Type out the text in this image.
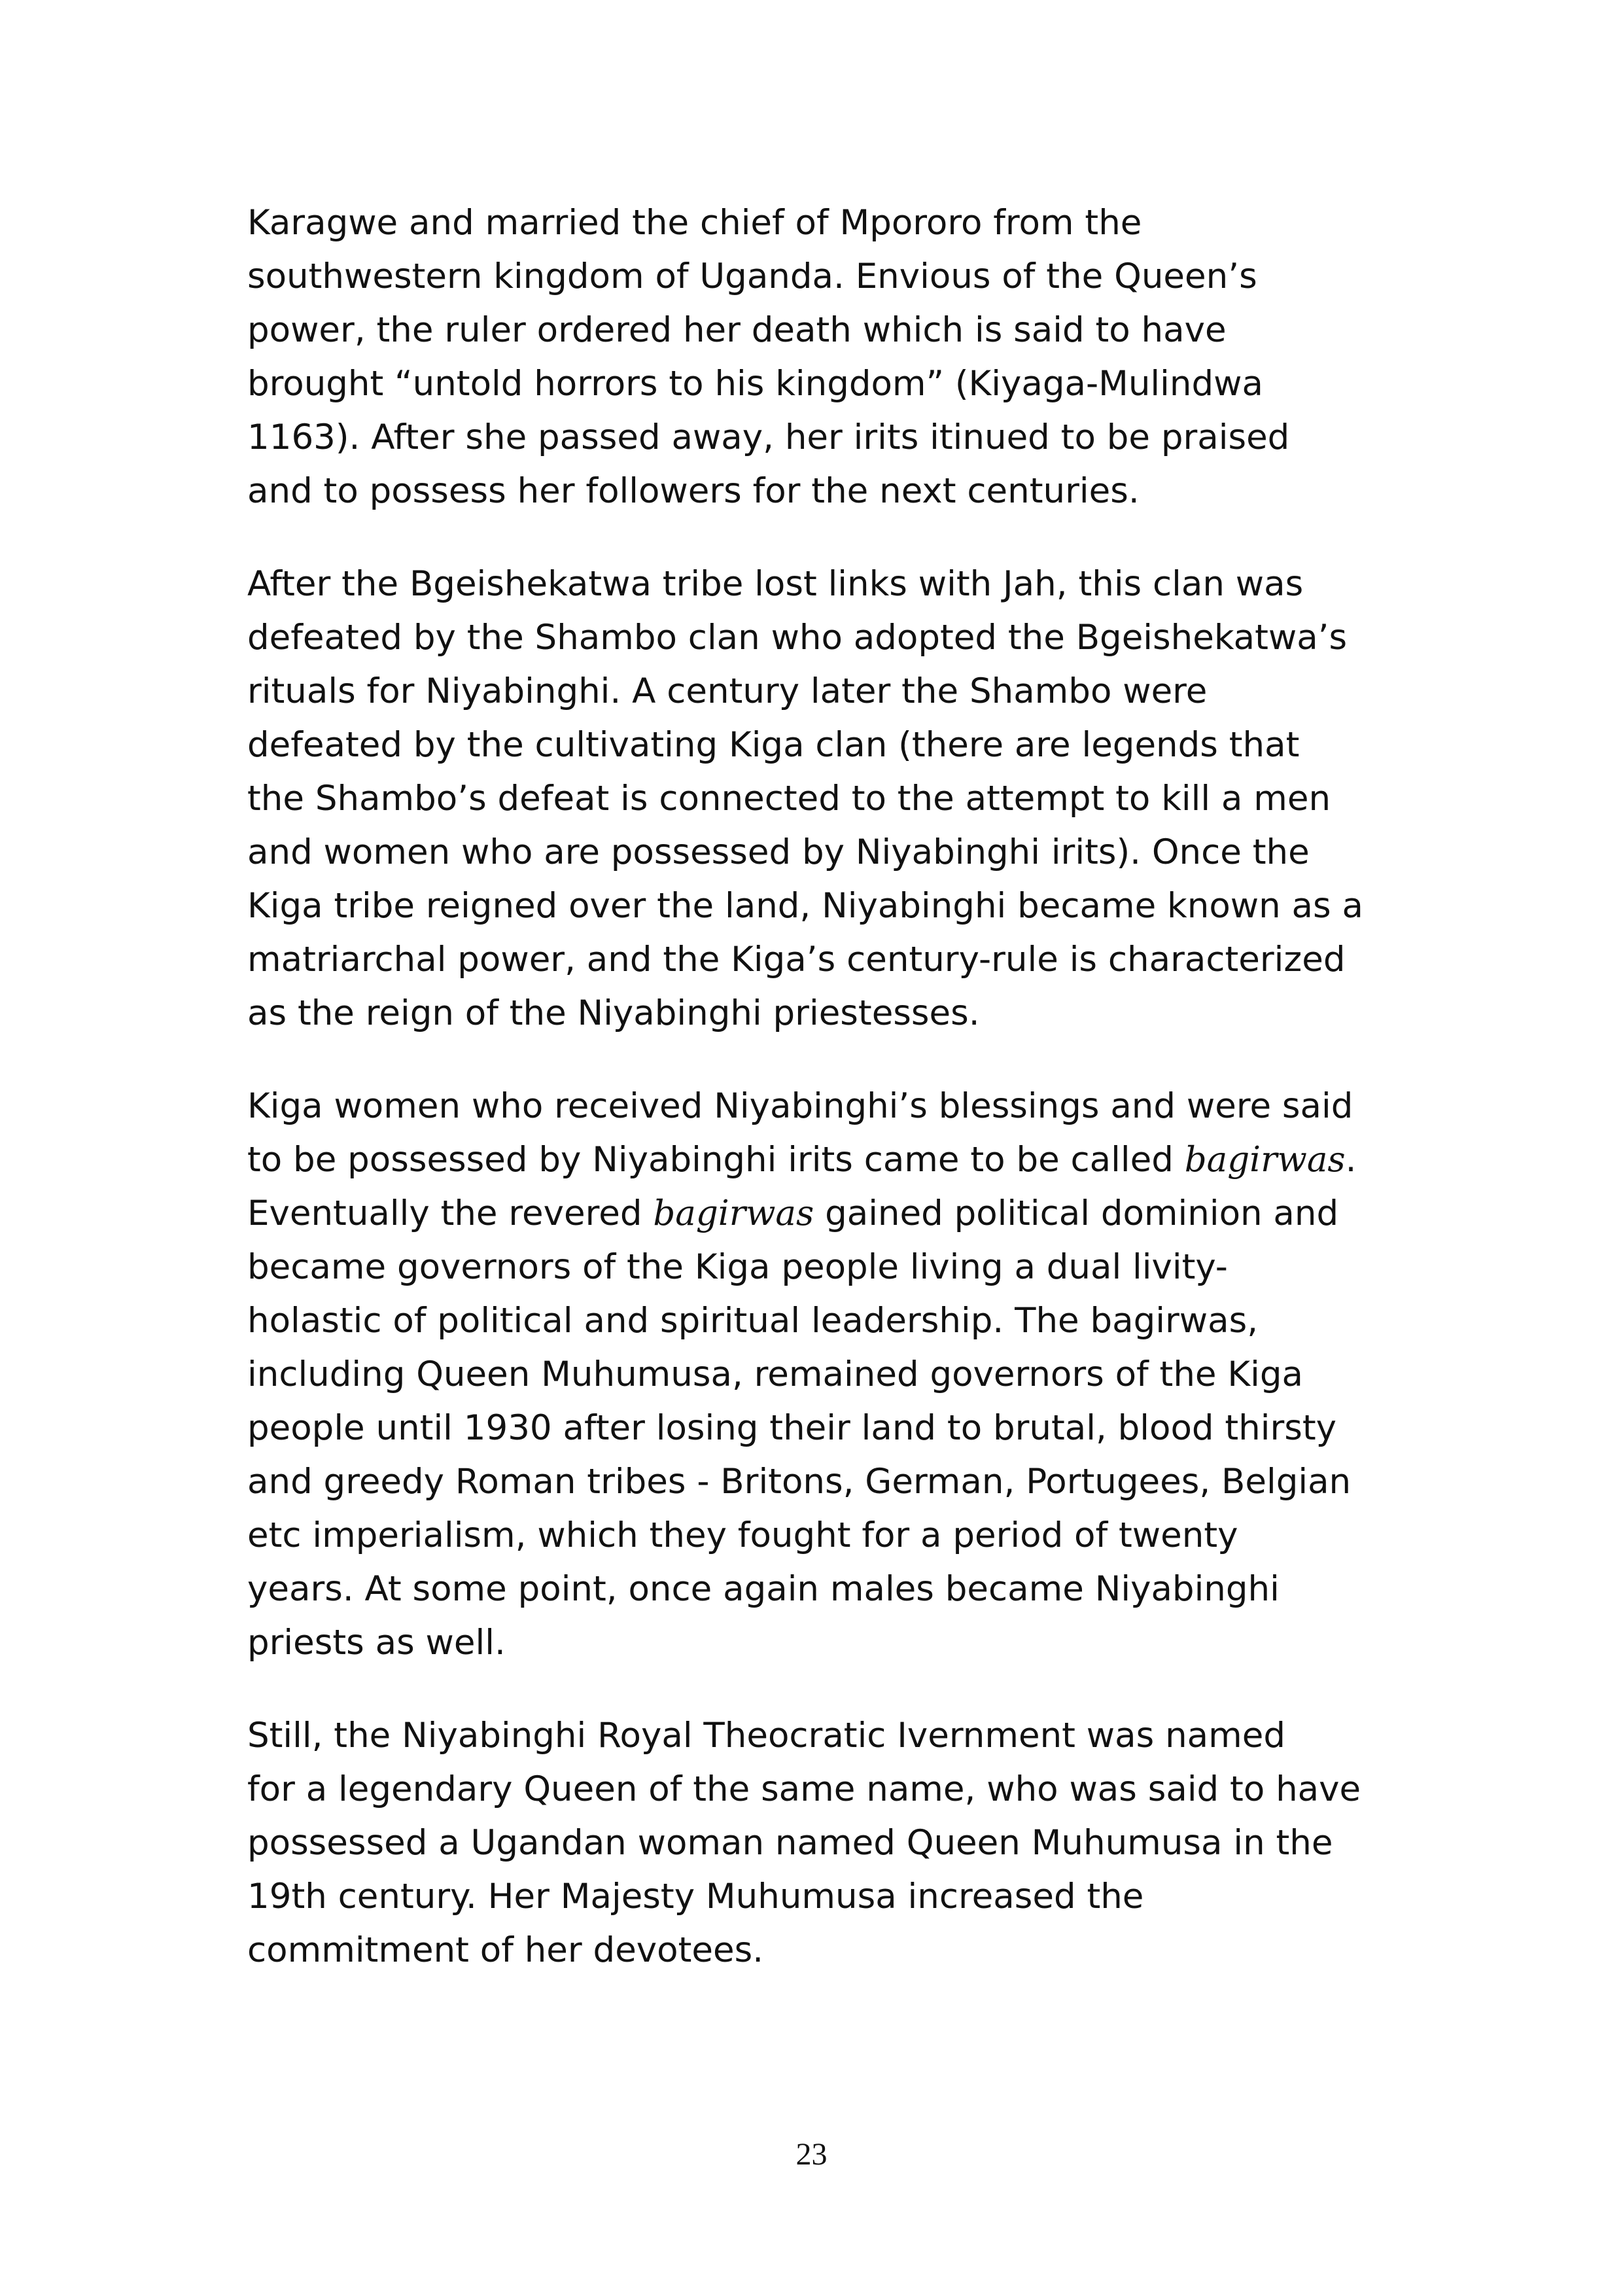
Karagwe and married the chief of Mpororo from the
southwestern kingdom of Uganda. Envious of the Queen’s
power, the ruler ordered her death which is said to have
brought “untold horrors to his kingdom” (Kiyaga-Mulindwa
1163). After she passed away, her irits itinued to be praised
and to possess her followers for the next centuries.
After the Bgeishekatwa tribe lost links with Jah, this clan was
defeated by the Shambo clan who adopted the Bgeishekatwa’s
rituals for Niyabinghi. A century later the Shambo were
defeated by the cultivating Kiga clan (there are legends that
the Shambo’s defeat is connected to the attempt to kill a men
and women who are possessed by Niyabinghi irits). Once the
Kiga tribe reigned over the land, Niyabinghi became known as a
matriarchal power, and the Kiga’s century-rule is characterized
as the reign of the Niyabinghi priestesses.
Kiga women who received Niyabinghi’s blessings and were said
to be possessed by Niyabinghi irits came to be called bagirwas.
Eventually the revered bagirwas gained political dominion and
became governors of the Kiga people living a dual livity-
holastic of political and spiritual leadership. The bagirwas,
including Queen Muhumusa, remained governors of the Kiga
people until 1930 after losing their land to brutal, blood thirsty
and greedy Roman tribes - Britons, German, Portugees, Belgian
etc imperialism, which they fought for a period of twenty
years. At some point, once again males became Niyabinghi
priests as well.
Still, the Niyabinghi Royal Theocratic Ivernment was named
for a legendary Queen of the same name, who was said to have
possessed a Ugandan woman named Queen Muhumusa in the
19th century. Her Majesty Muhumusa increased the
commitment of her devotees.
23
